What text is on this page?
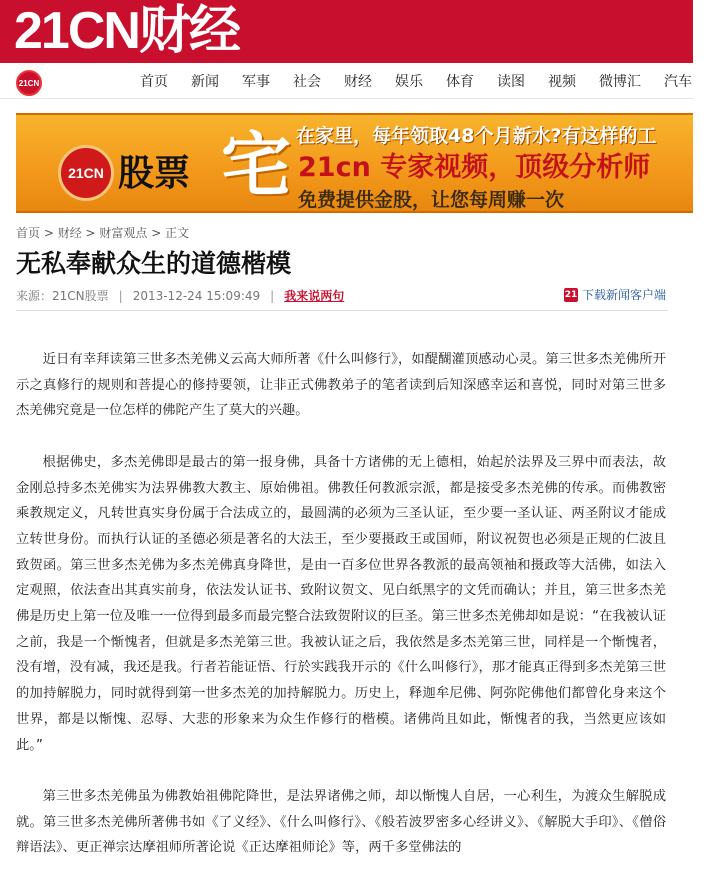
21CN财经
21CN	首页 新闻 军事 社会 财经 娱乐 体育 读图 视频 微博汇 汽车
21CN 股票 宅 在家里，每年领取48个月新水?有这样的工
21cn 专家视频，顶级分析师
免费提供金股，让您每周赚一次
首页 > 财经 > 财富观点 > 正文
无私奉献众生的道德楷模
来源：21CN股票 | 2013-12-24 15:09:49 | 我来说两句	21 下载新闻客户端

近日有幸拜读第三世多杰羌佛义云高大师所著《什么叫修行》，如醍醐灌顶感动心灵。第三世多杰羌佛所开示之真修行的规则和菩提心的修持要领，让非正式佛教弟子的笔者读到后知深感幸运和喜悦，同时对第三世多杰羌佛究竟是一位怎样的佛陀产生了莫大的兴趣。

根据佛史，多杰羌佛即是最古的第一报身佛，具备十方诸佛的无上德相，始起於法界及三界中而表法，故金刚总持多杰羌佛实为法界佛教大教主、原始佛祖。佛教任何教派宗派，都是接受多杰羌佛的传承。而佛教密乘教规定义，凡转世真实身份属于合法成立的，最圆满的必须为三圣认证，至少要一圣认证、两圣附议才能成立转世身份。而执行认证的圣德必须是著名的大法王，至少要摄政王或国师，附议祝贺也必须是正规的仁波且致贺函。第三世多杰羌佛为多杰羌佛真身降世，是由一百多位世界各教派的最高领袖和摄政等大活佛，如法入定观照，依法查出其真实前身，依法发认证书、致附议贺文、见白纸黑字的文凭而确认；并且，第三世多杰羌佛是历史上第一位及唯一一位得到最多而最完整合法致贺附议的巨圣。第三世多杰羌佛却如是说：“在我被认证之前，我是一个惭愧者，但就是多杰羌第三世。我被认证之后，我依然是多杰羌第三世，同样是一个惭愧者，没有增，没有减，我还是我。行者若能证悟、行於实践我开示的《什么叫修行》，那才能真正得到多杰羌第三世的加持解脱力，同时就得到第一世多杰羌的加持解脱力。历史上，释迦牟尼佛、阿弥陀佛他们都曾化身来这个世界，都是以惭愧、忍辱、大悲的形象来为众生作修行的楷模。诸佛尚且如此，惭愧者的我，当然更应该如此。”

第三世多杰羌佛虽为佛教始祖佛陀降世，是法界诸佛之师，却以惭愧人自居，一心利生，为渡众生解脱成就。第三世多杰羌佛所著佛书如《了义经》、《什么叫修行》、《般若波罗密多心经讲义》、《解脱大手印》、《僧俗辩语法》、更正禅宗达摩祖师所著论说《正达摩祖师论》等，两千多堂佛法的
